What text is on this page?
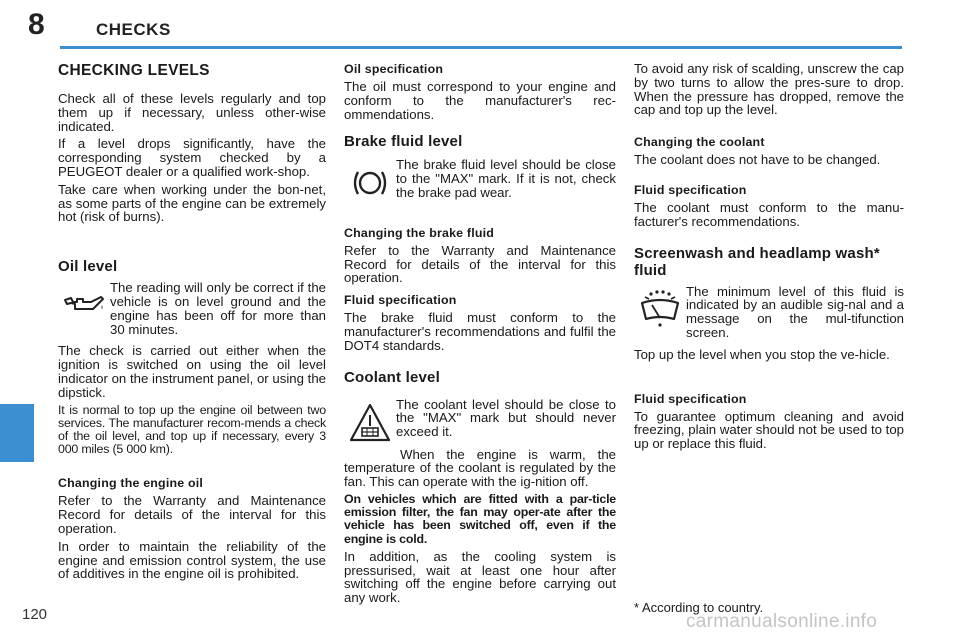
8	CHECKS
120	carmanualsonline.info
CHECKING LEVELS

Check all of these levels regularly and top them up if necessary, unless other-wise indicated.

If a level drops significantly, have the corresponding system checked by a PEUGEOT dealer or a qualified work-shop.

Take care when working under the bon-net, as some parts of the engine can be extremely hot (risk of burns).

Oil level

The reading will only be correct if the vehicle is on level ground and the engine has been off for more than 30 minutes.

The check is carried out either when the ignition is switched on using the oil level indicator on the instrument panel, or using the dipstick.

It is normal to top up the engine oil between two services. The manufacturer recom-mends a check of the oil level, and top up if necessary, every 3 000 miles (5 000 km).

Changing the engine oil

Refer to the Warranty and Maintenance Record for details of the interval for this operation.

In order to maintain the reliability of the engine and emission control system, the use of additives in the engine oil is prohibited.

Oil specification

The oil must correspond to your engine and conform to the manufacturer's rec-ommendations.

Brake fluid level

The brake fluid level should be close to the "MAX" mark. If it is not, check the brake pad wear.

Changing the brake fluid

Refer to the Warranty and Maintenance Record for details of the interval for this operation.

Fluid specification

The brake fluid must conform to the manufacturer's recommendations and fulfil the DOT4 standards.

Coolant level

The coolant level should be close to the "MAX" mark but should never exceed it.

When the engine is warm, the temperature of the coolant is regulated by the fan. This can operate with the ig-nition off.

On vehicles which are fitted with a par-ticle emission filter, the fan may oper-ate after the vehicle has been switched off, even if the engine is cold.

In addition, as the cooling system is pressurised, wait at least one hour after switching off the engine before carrying out any work.

To avoid any risk of scalding, unscrew the cap by two turns to allow the pres-sure to drop. When the pressure has dropped, remove the cap and top up the level.

Changing the coolant

The coolant does not have to be changed.

Fluid specification

The coolant must conform to the manu-facturer's recommendations.

Screenwash and headlamp wash* fluid

The minimum level of this fluid is indicated by an audible sig-nal and a message on the mul-tifunction screen.

Top up the level when you stop the ve-hicle.

Fluid specification

To guarantee optimum cleaning and avoid freezing, plain water should not be used to top up or replace this fluid.

* According to country.
